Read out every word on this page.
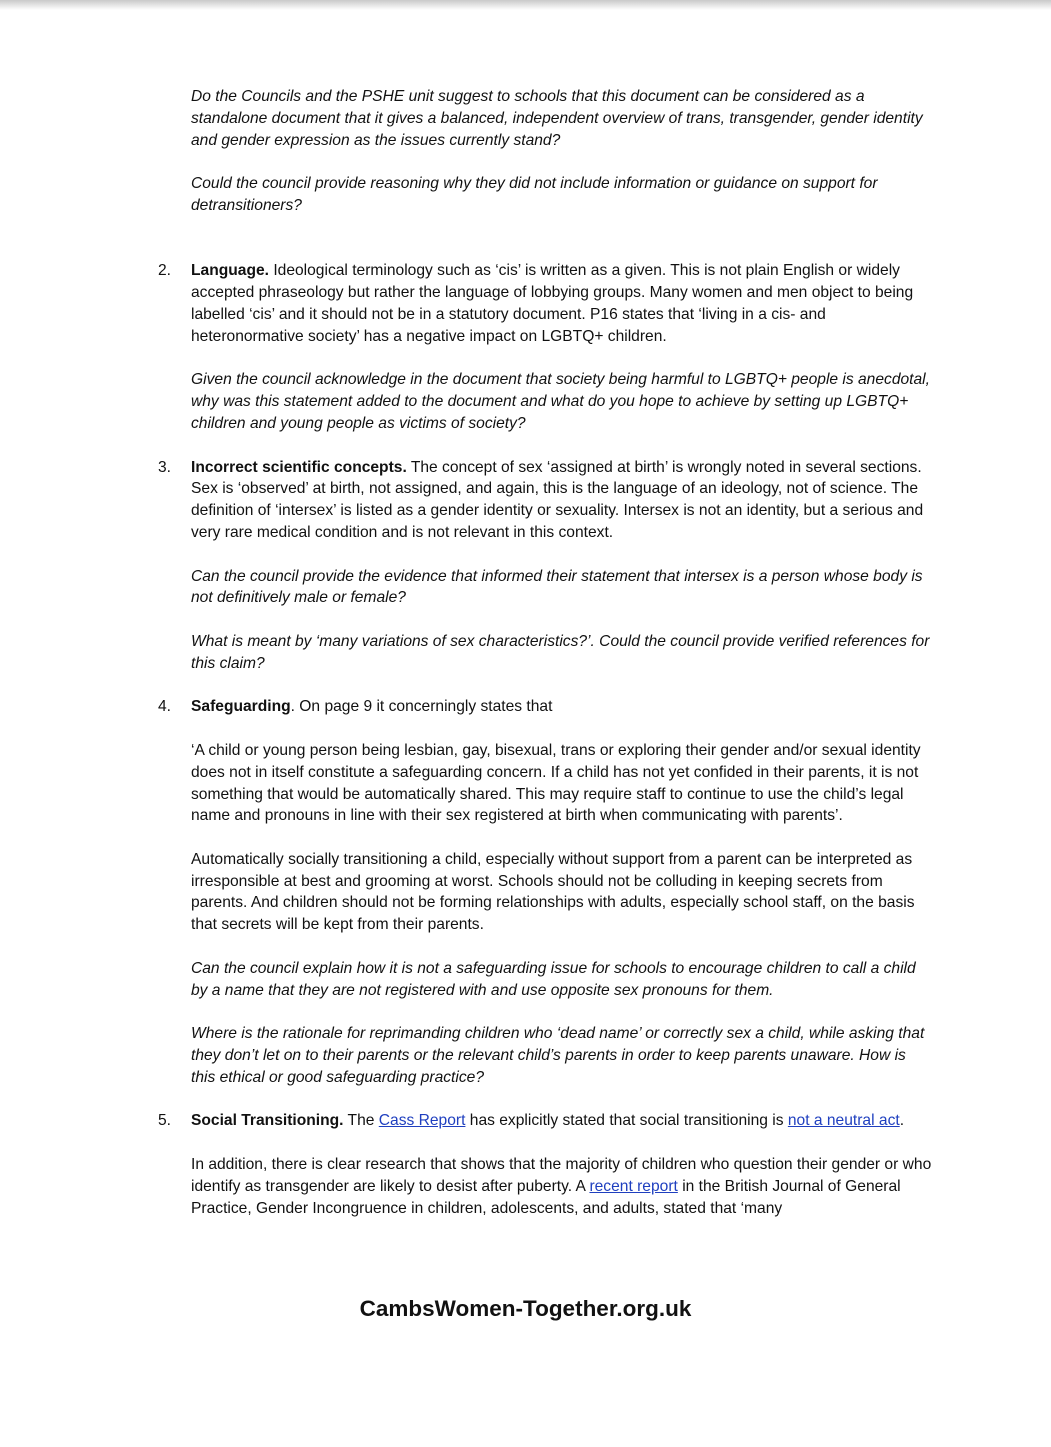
Do the Councils and the PSHE unit suggest to schools that this document can be considered as a standalone document that it gives a balanced, independent overview of trans, transgender, gender identity and gender expression as the issues currently stand?

Could the council provide reasoning why they did not include information or guidance on support for detransitioners?

2. Language. Ideological terminology such as ‘cis’ is written as a given. This is not plain English or widely accepted phraseology but rather the language of lobbying groups. Many women and men object to being labelled ‘cis’ and it should not be in a statutory document. P16 states that ‘living in a cis- and heteronormative society’ has a negative impact on LGBTQ+ children.

Given the council acknowledge in the document that society being harmful to LGBTQ+ people is anecdotal, why was this statement added to the document and what do you hope to achieve by setting up LGBTQ+ children and young people as victims of society?

3. Incorrect scientific concepts. The concept of sex ‘assigned at birth’ is wrongly noted in several sections. Sex is ‘observed’ at birth, not assigned, and again, this is the language of an ideology, not of science. The definition of ‘intersex’ is listed as a gender identity or sexuality. Intersex is not an identity, but a serious and very rare medical condition and is not relevant in this context.

Can the council provide the evidence that informed their statement that intersex is a person whose body is not definitively male or female?

What is meant by ‘many variations of sex characteristics?’. Could the council provide verified references for this claim?

4. Safeguarding. On page 9 it concerningly states that

‘A child or young person being lesbian, gay, bisexual, trans or exploring their gender and/or sexual identity does not in itself constitute a safeguarding concern. If a child has not yet confided in their parents, it is not something that would be automatically shared. This may require staff to continue to use the child’s legal name and pronouns in line with their sex registered at birth when communicating with parents’.

Automatically socially transitioning a child, especially without support from a parent can be interpreted as irresponsible at best and grooming at worst. Schools should not be colluding in keeping secrets from parents. And children should not be forming relationships with adults, especially school staff, on the basis that secrets will be kept from their parents.

Can the council explain how it is not a safeguarding issue for schools to encourage children to call a child by a name that they are not registered with and use opposite sex pronouns for them.

Where is the rationale for reprimanding children who ‘dead name’ or correctly sex a child, while asking that they don’t let on to their parents or the relevant child’s parents in order to keep parents unaware. How is this ethical or good safeguarding practice?

5. Social Transitioning. The Cass Report has explicitly stated that social transitioning is not a neutral act.

In addition, there is clear research that shows that the majority of children who question their gender or who identify as transgender are likely to desist after puberty. A recent report in the British Journal of General Practice, Gender Incongruence in children, adolescents, and adults, stated that ‘many

CambsWomen-Together.org.uk
